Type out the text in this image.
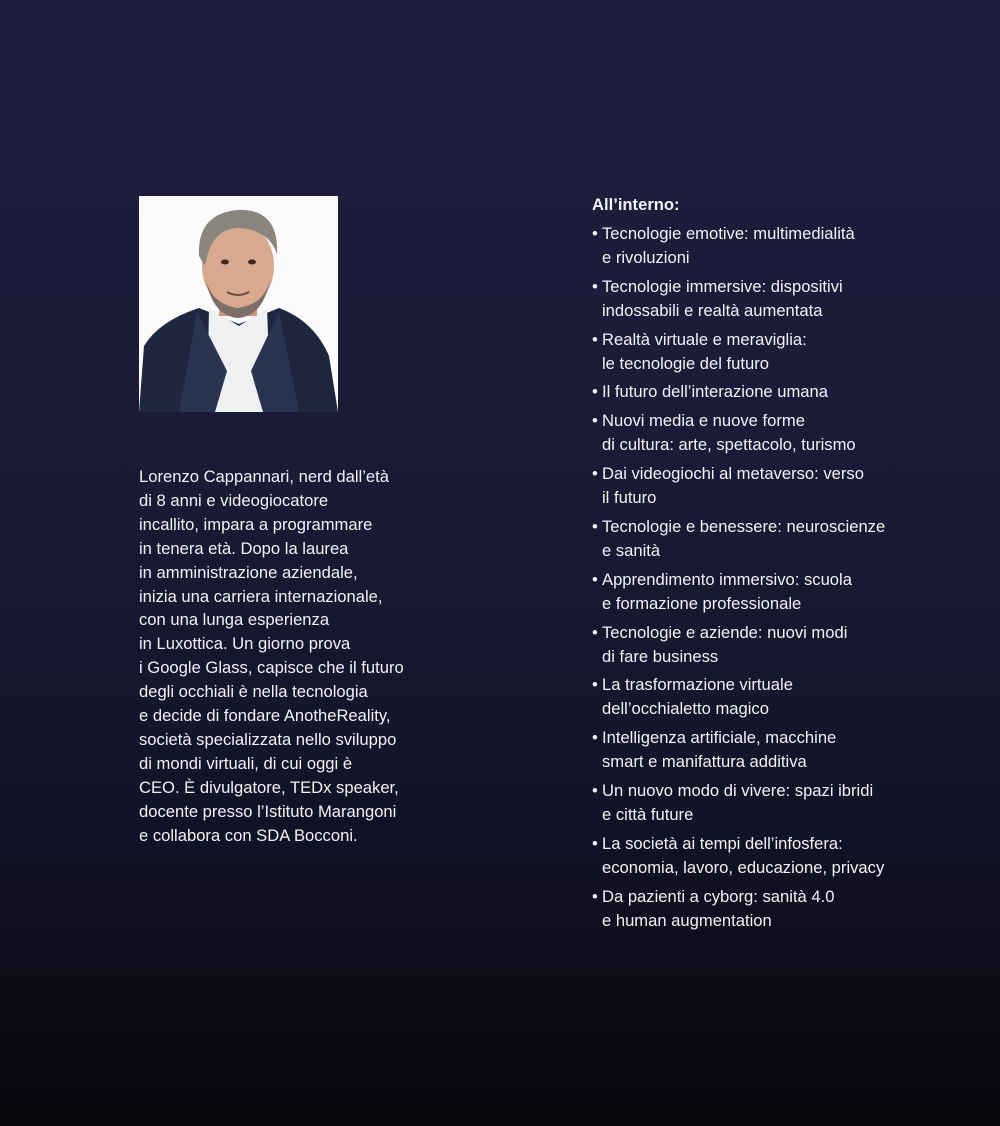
Lorenzo Cappannari, nerd dall’età
di 8 anni e videogiocatore
incallito, impara a programmare
in tenera età. Dopo la laurea
in amministrazione aziendale,
inizia una carriera internazionale,
con una lunga esperienza
in Luxottica. Un giorno prova
i Google Glass, capisce che il futuro
degli occhiali è nella tecnologia
e decide di fondare AnotheReality,
società specializzata nello sviluppo
di mondi virtuali, di cui oggi è
CEO. È divulgatore, TEDx speaker,
docente presso l’Istituto Marangoni
e collabora con SDA Bocconi.
All’interno:
• Tecnologie emotive: multimedialità
e rivoluzioni
• Tecnologie immersive: dispositivi
indossabili e realtà aumentata
• Realtà virtuale e meraviglia:
le tecnologie del futuro
• Il futuro dell’interazione umana
• Nuovi media e nuove forme
di cultura: arte, spettacolo, turismo
• Dai videogiochi al metaverso: verso
il futuro
• Tecnologie e benessere: neuroscienze
e sanità
• Apprendimento immersivo: scuola
e formazione professionale
• Tecnologie e aziende: nuovi modi
di fare business
• La trasformazione virtuale
dell’occhialetto magico
• Intelligenza artificiale, macchine
smart e manifattura additiva
• Un nuovo modo di vivere: spazi ibridi
e città future
• La società ai tempi dell’infosfera:
economia, lavoro, educazione, privacy
• Da pazienti a cyborg: sanità 4.0
e human augmentation
